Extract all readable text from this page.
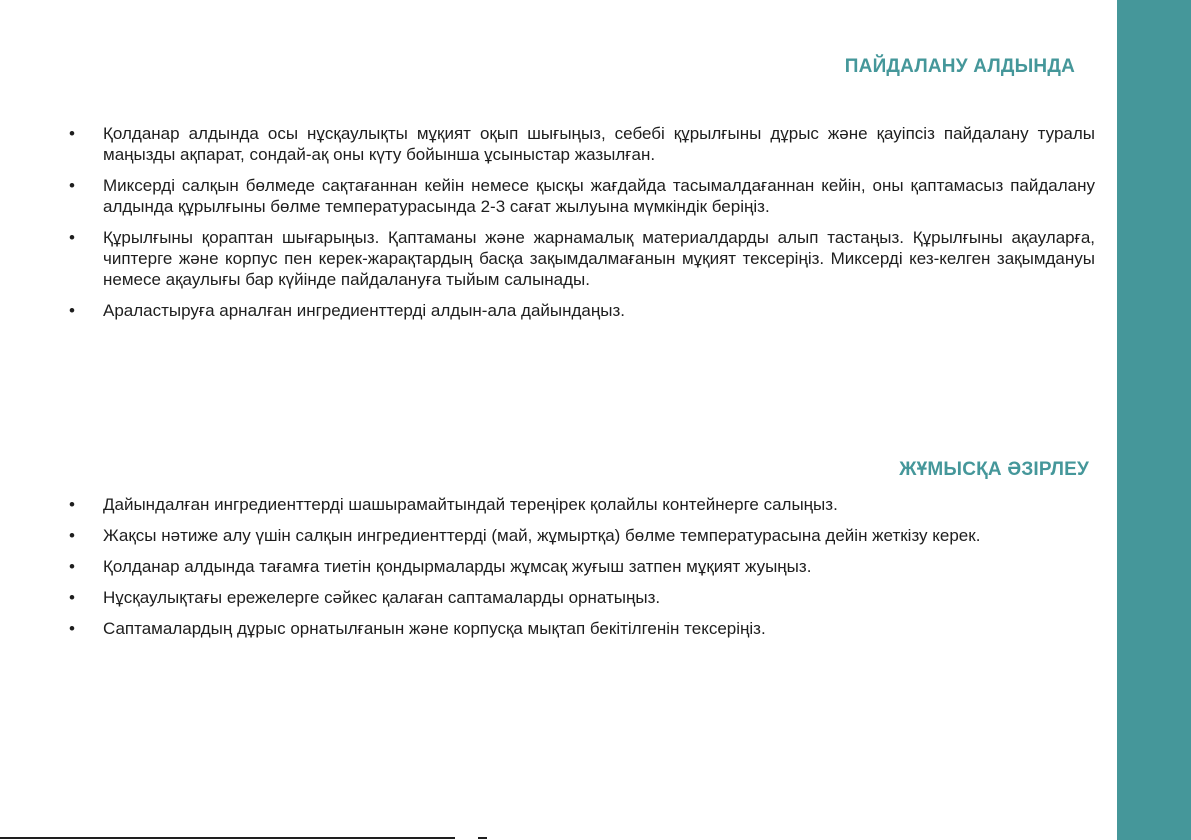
ПАЙДАЛАНУ АЛДЫНДА
• Қолданар алдында осы нұсқаулықты мұқият оқып шығыңыз, себебі құрылғыны дұрыс және қауіпсіз пайдалану туралы маңызды ақпарат, сондай-ақ оны күту бойынша ұсыныстар жазылған.
• Миксерді салқын бөлмеде сақтағаннан кейін немесе қысқы жағдайда тасымалдағаннан кейін, оны қаптамасыз пайдалану алдында құрылғыны бөлме температурасында 2-3 сағат жылуына мүмкіндік беріңіз.
• Құрылғыны қораптан шығарыңыз. Қаптаманы және жарнамалық материалдарды алып тастаңыз. Құрылғыны ақауларға, чиптерге және корпус пен керек-жарақтардың басқа зақымдалмағанын мұқият тексеріңіз. Миксерді кез-келген зақымдануы немесе ақаулығы бар күйінде пайдалануға тыйым салынады.
• Араластыруға арналған ингредиенттерді алдын-ала дайындаңыз.
ЖҰМЫСҚА ӘЗІРЛЕУ
• Дайындалған ингредиенттерді шашырамайтындай тереңірек қолайлы контейнерге салыңыз.
• Жақсы нәтиже алу үшін салқын ингредиенттерді (май, жұмыртқа) бөлме температурасына дейін жеткізу керек.
• Қолданар алдында тағамға тиетін қондырмаларды жұмсақ жуғыш затпен мұқият жуыңыз.
• Нұсқаулықтағы ережелерге сәйкес қалаған саптамаларды орнатыңыз.
• Саптамалардың дұрыс орнатылғанын және корпусқа мықтап бекітілгенін тексеріңіз.
